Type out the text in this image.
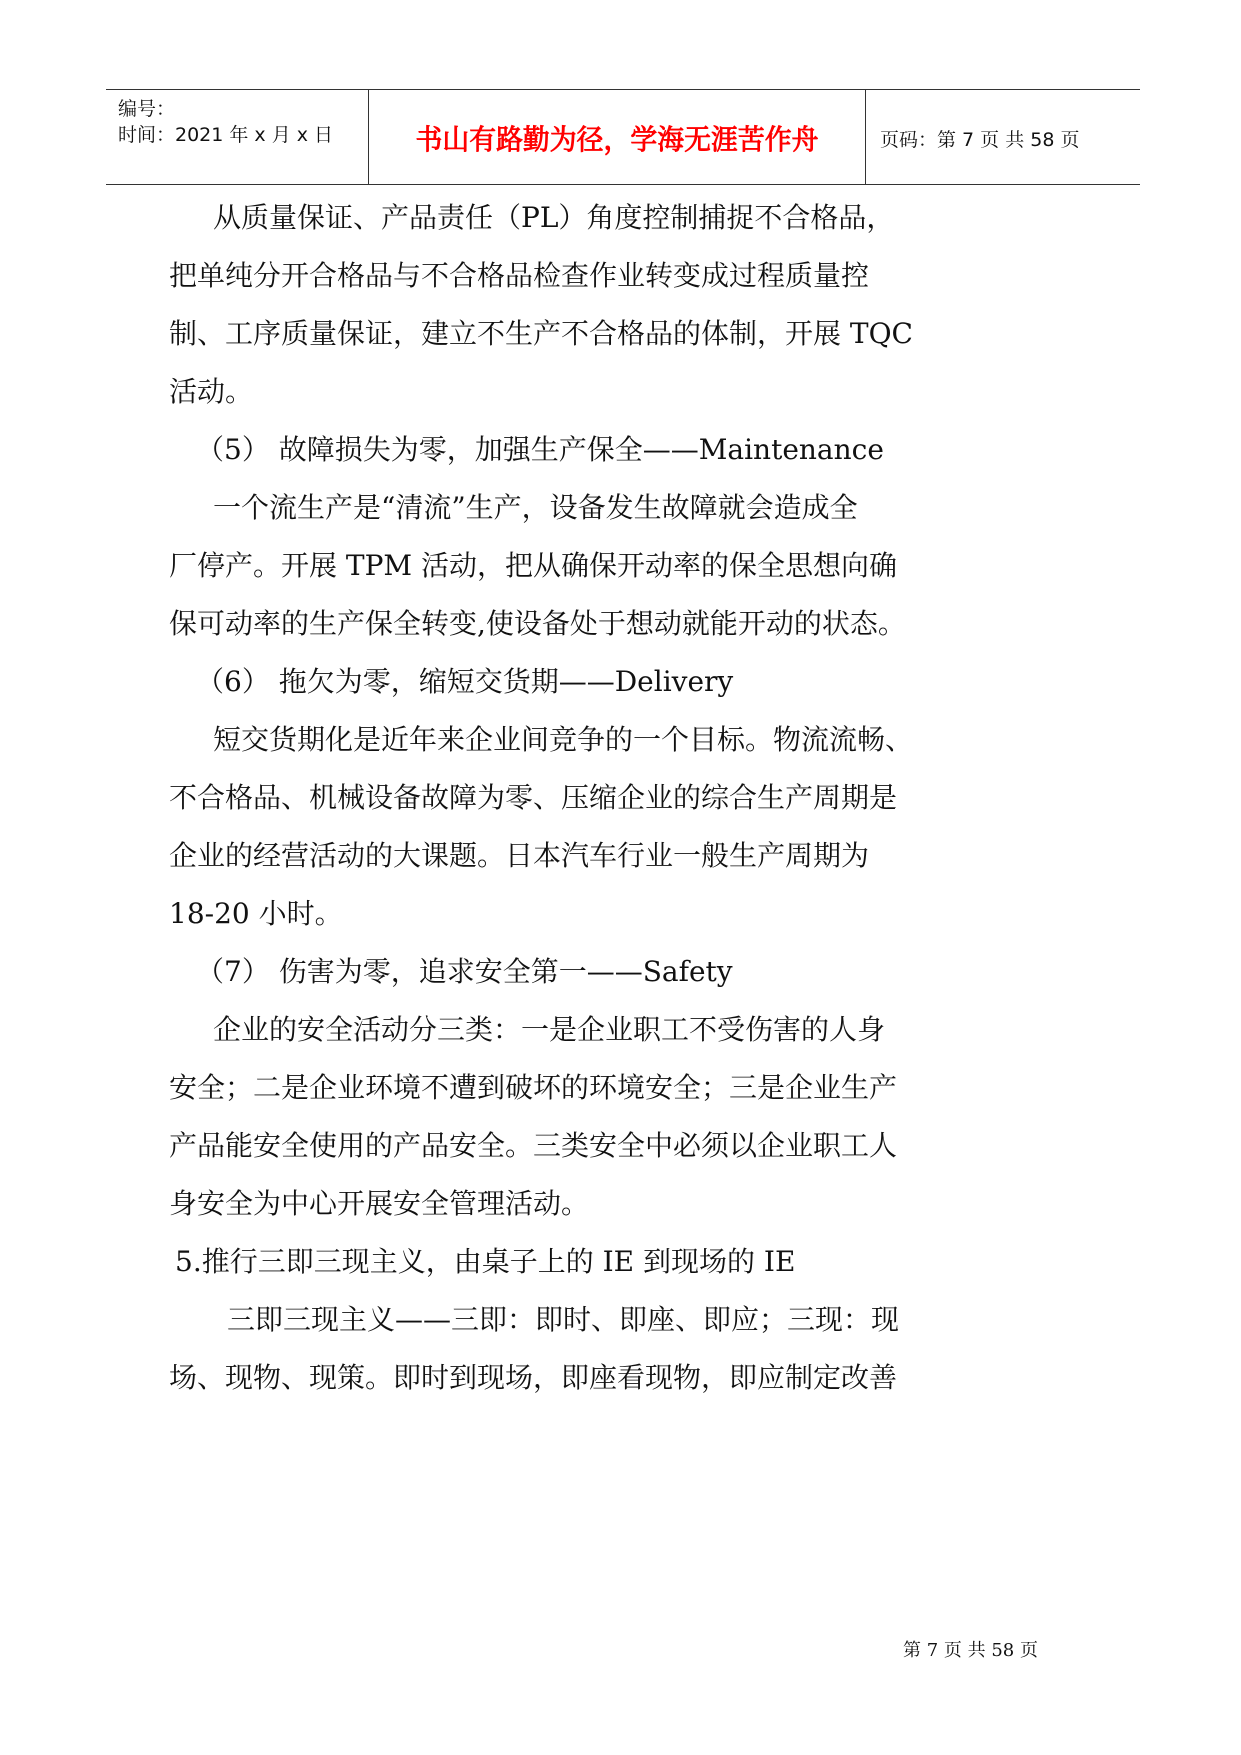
编号：
时间：2021 年 x 月 x 日	书山有路勤为径，学海无涯苦作舟	页码：第 7 页 共 58 页
从质量保证、产品责任（PL）角度控制捕捉不合格品，
把单纯分开合格品与不合格品检查作业转变成过程质量控
制、工序质量保证，建立不生产不合格品的体制，开展 TQC
活动。
（5） 故障损失为零，加强生产保全——Maintenance
一个流生产是“清流”生产，设备发生故障就会造成全
厂停产。开展 TPM 活动，把从确保开动率的保全思想向确
保可动率的生产保全转变,使设备处于想动就能开动的状态。
（6） 拖欠为零，缩短交货期——Delivery
短交货期化是近年来企业间竞争的一个目标。物流流畅、
不合格品、机械设备故障为零、压缩企业的综合生产周期是
企业的经营活动的大课题。日本汽车行业一般生产周期为
18-20 小时。
（7） 伤害为零，追求安全第一——Safety
企业的安全活动分三类：一是企业职工不受伤害的人身
安全；二是企业环境不遭到破坏的环境安全；三是企业生产
产品能安全使用的产品安全。三类安全中必须以企业职工人
身安全为中心开展安全管理活动。
5.推行三即三现主义，由桌子上的 IE 到现场的 IE
三即三现主义——三即：即时、即座、即应；三现：现
场、现物、现策。即时到现场，即座看现物，即应制定改善
第 7 页 共 58 页
